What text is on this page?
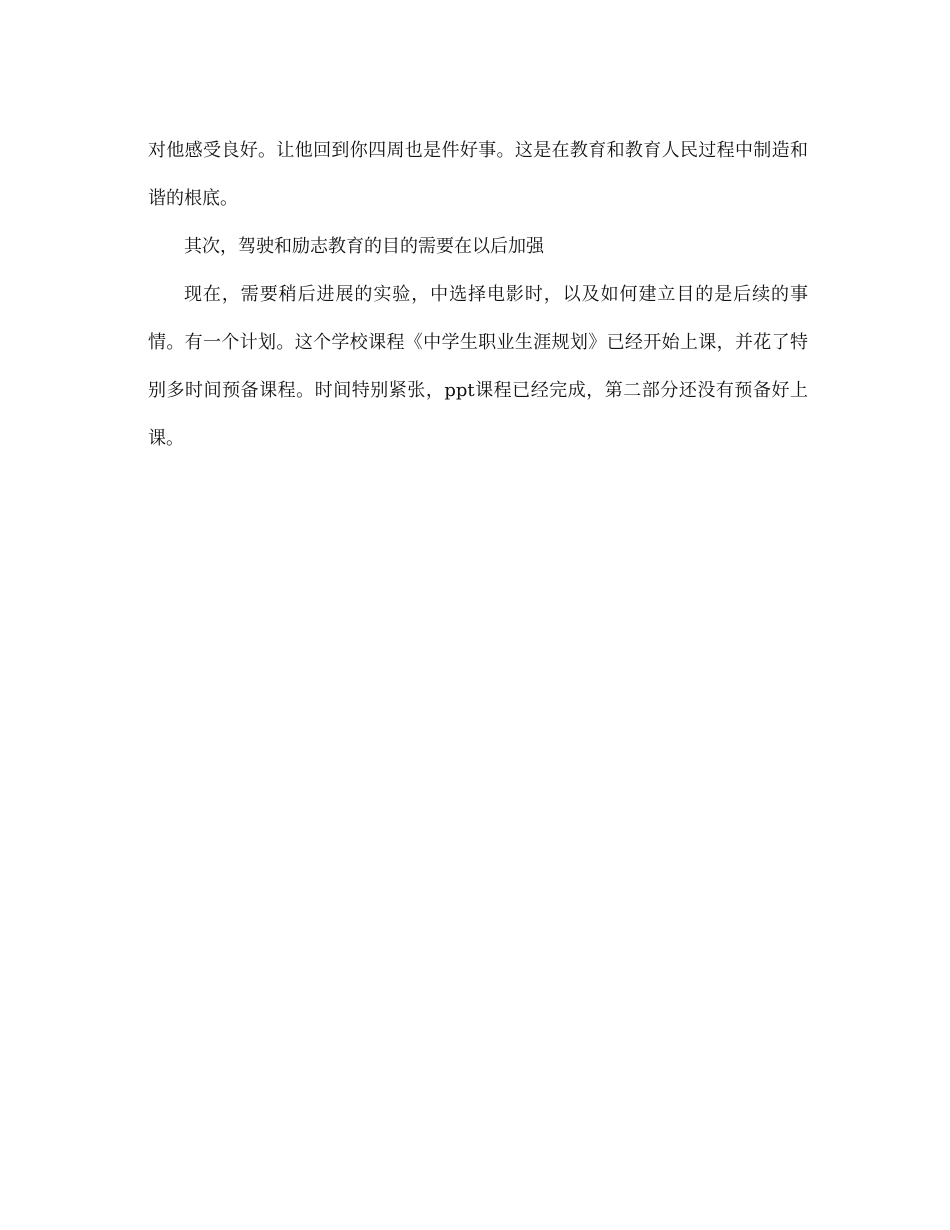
对他感受良好。让他回到你四周也是件好事。这是在教育和教育人民过程中制造和谐的根底。

其次，驾驶和励志教育的目的需要在以后加强

现在，需要稍后进展的实验，中选择电影时，以及如何建立目的是后续的事情。有一个计划。这个学校课程《中学生职业生涯规划》已经开始上课，并花了特别多时间预备课程。时间特别紧张，ppt课程已经完成，第二部分还没有预备好上课。
